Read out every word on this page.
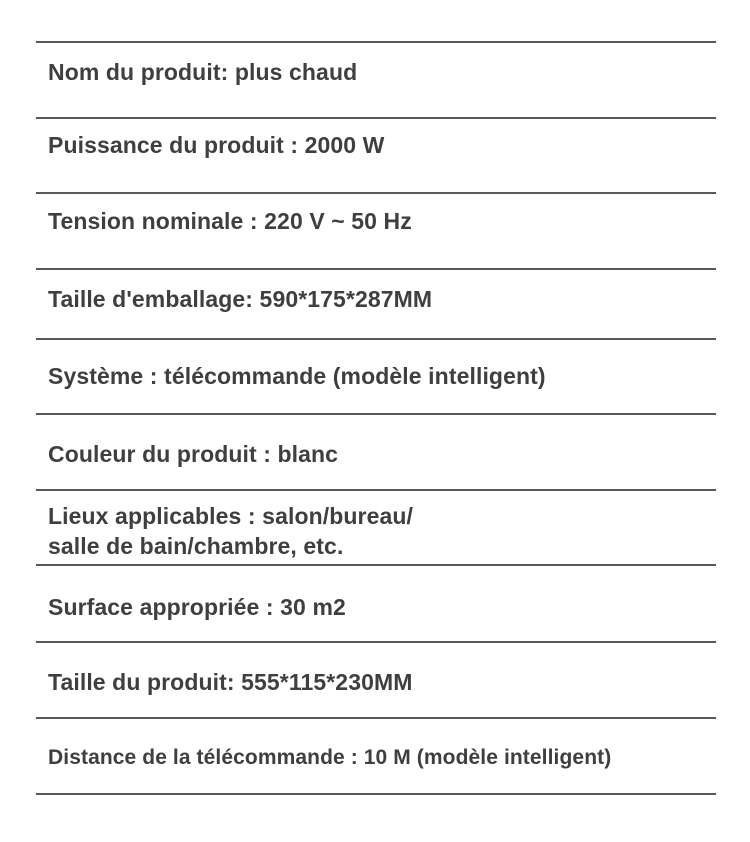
Nom du produit: plus chaud

Puissance du produit : 2000 W

Tension nominale : 220 V ~ 50 Hz

Taille d'emballage: 590*175*287MM

Système : télécommande (modèle intelligent)

Couleur du produit : blanc

Lieux applicables : salon/bureau/
salle de bain/chambre, etc.

Surface appropriée : 30 m2

Taille du produit: 555*115*230MM

Distance de la télécommande : 10 M (modèle intelligent)
